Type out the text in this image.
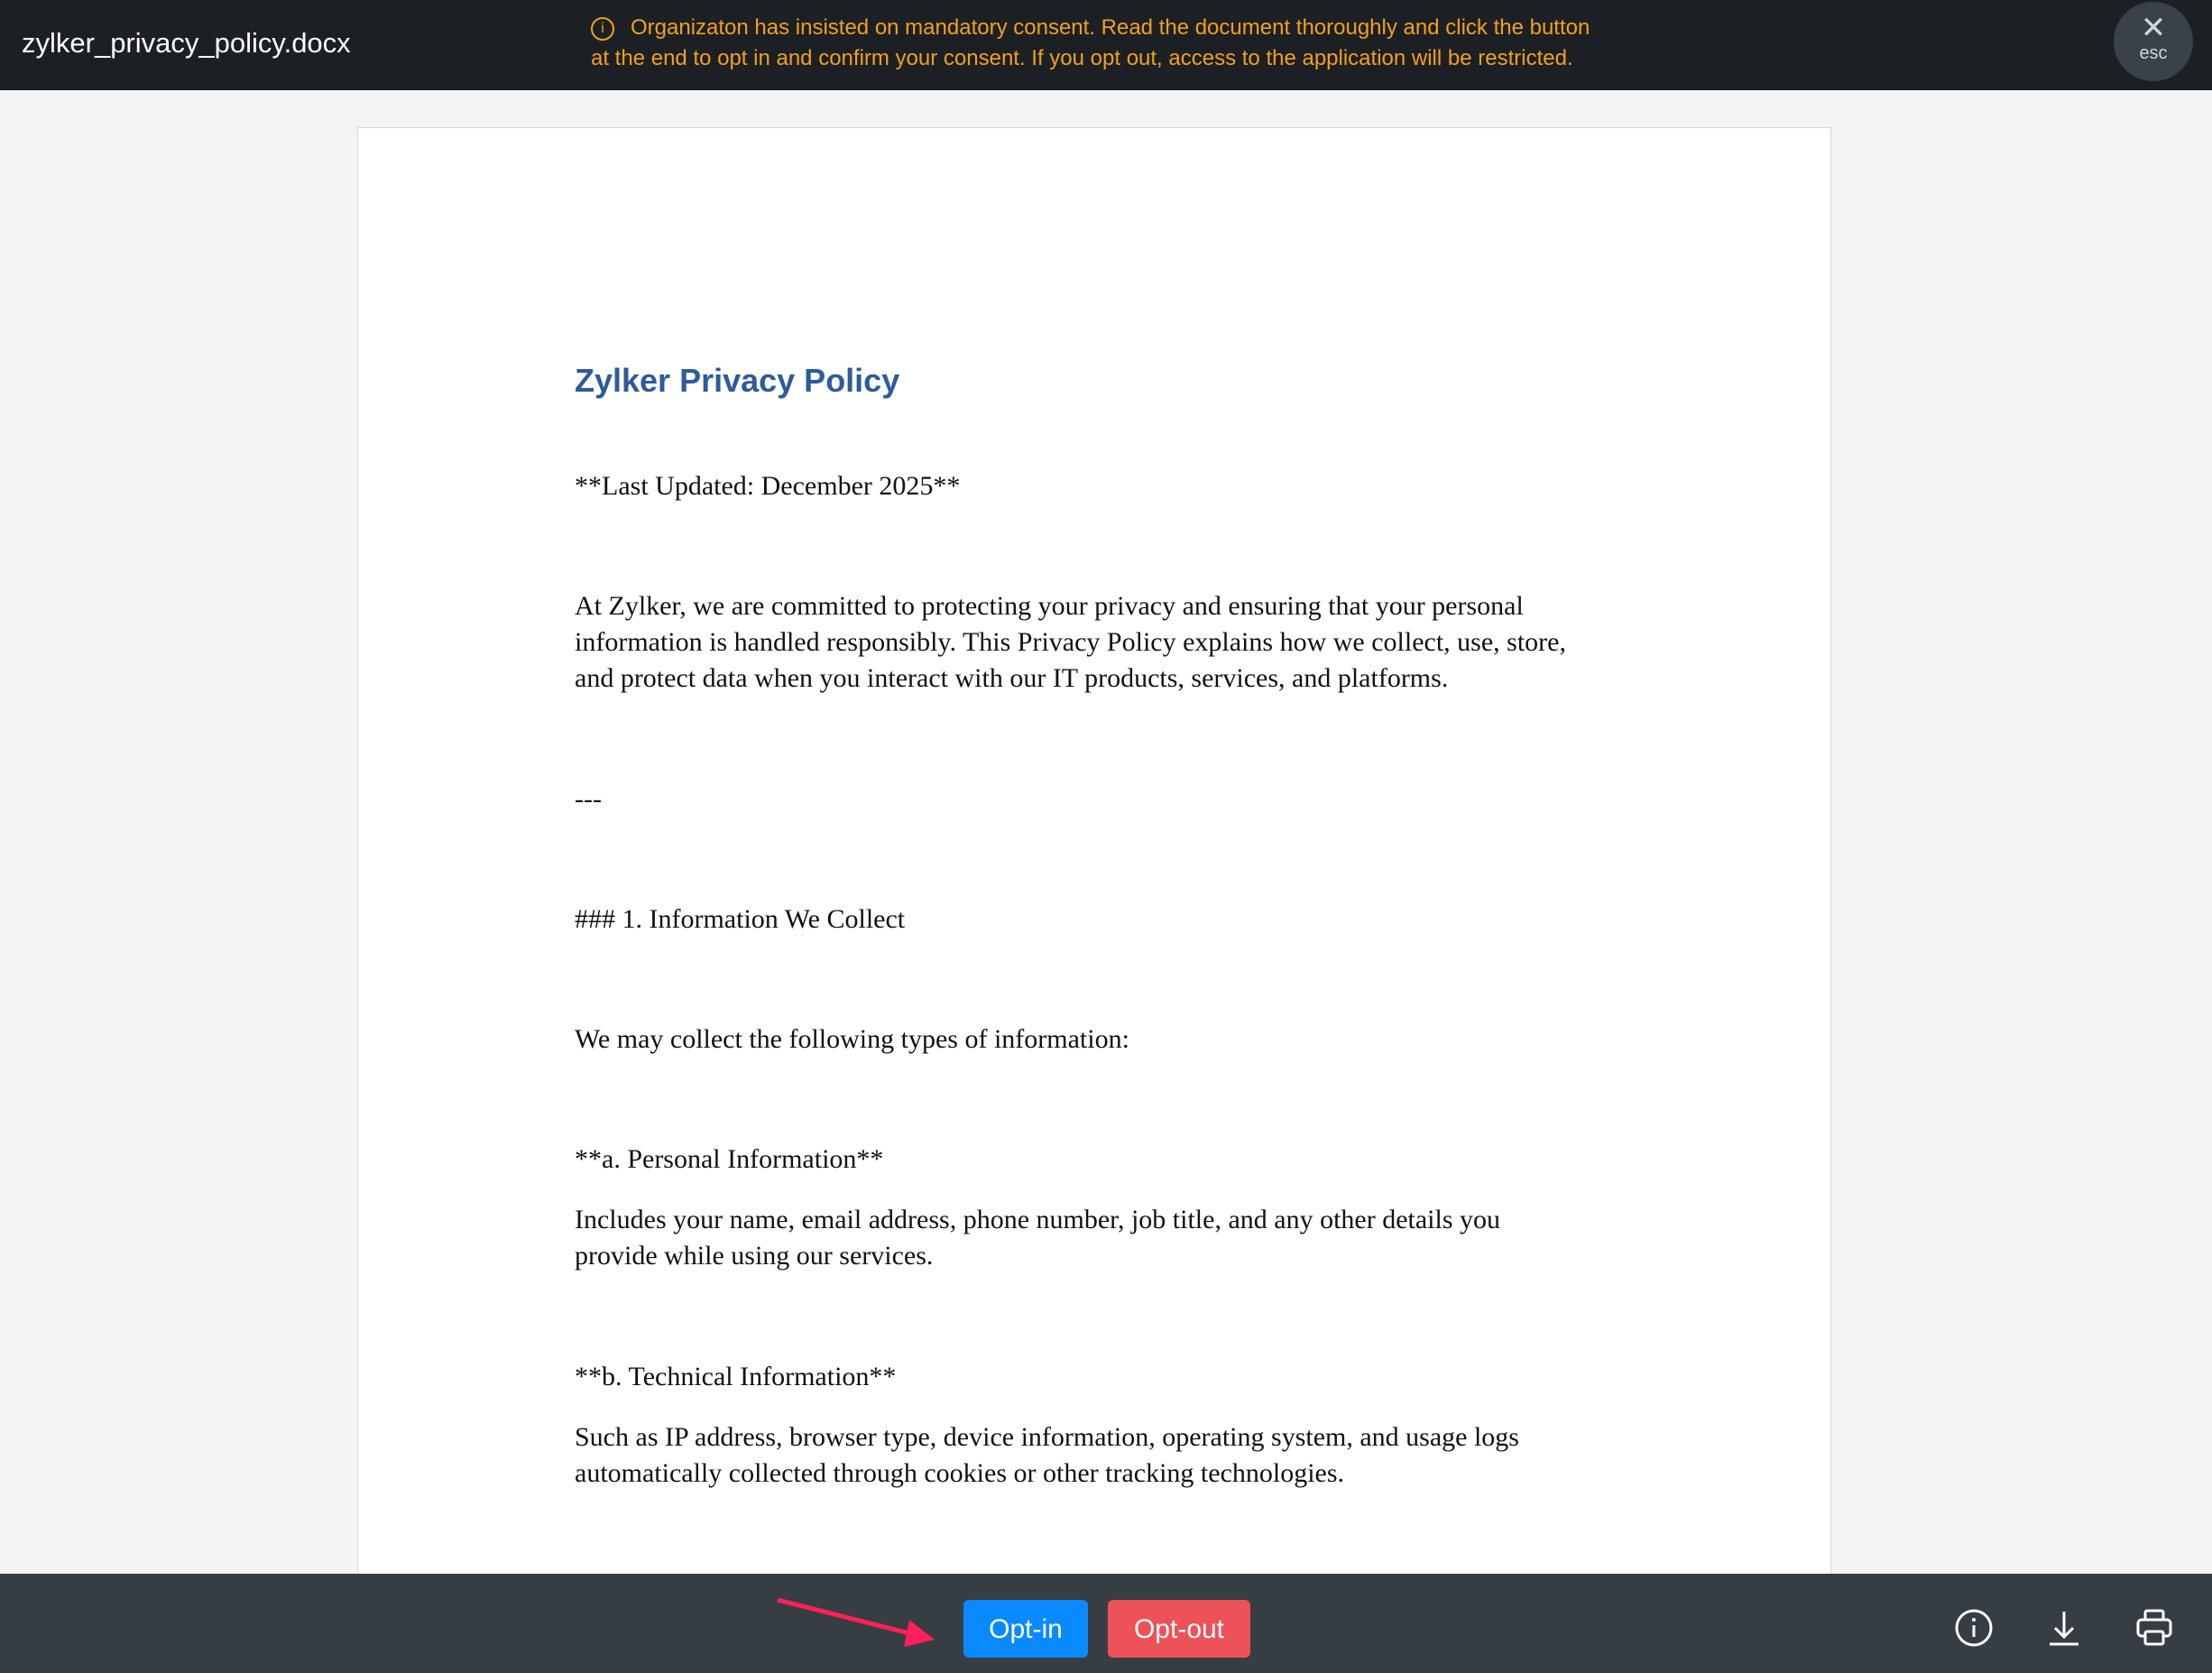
zylker_privacy_policy.docx	i	Organizaton has insisted on mandatory consent. Read the document thoroughly and click the button
at the end to opt in and confirm your consent. If you opt out, access to the application will be restricted.
✕
esc
Zylker Privacy Policy
**Last Updated: December 2025**
At Zylker, we are committed to protecting your privacy and ensuring that your personal
information is handled responsibly. This Privacy Policy explains how we collect, use, store,
and protect data when you interact with our IT products, services, and platforms.
---
### 1. Information We Collect
We may collect the following types of information:
**a. Personal Information**
Includes your name, email address, phone number, job title, and any other details you
provide while using our services.
**b. Technical Information**
Such as IP address, browser type, device information, operating system, and usage logs
automatically collected through cookies or other tracking technologies.
Opt-in	Opt-out
